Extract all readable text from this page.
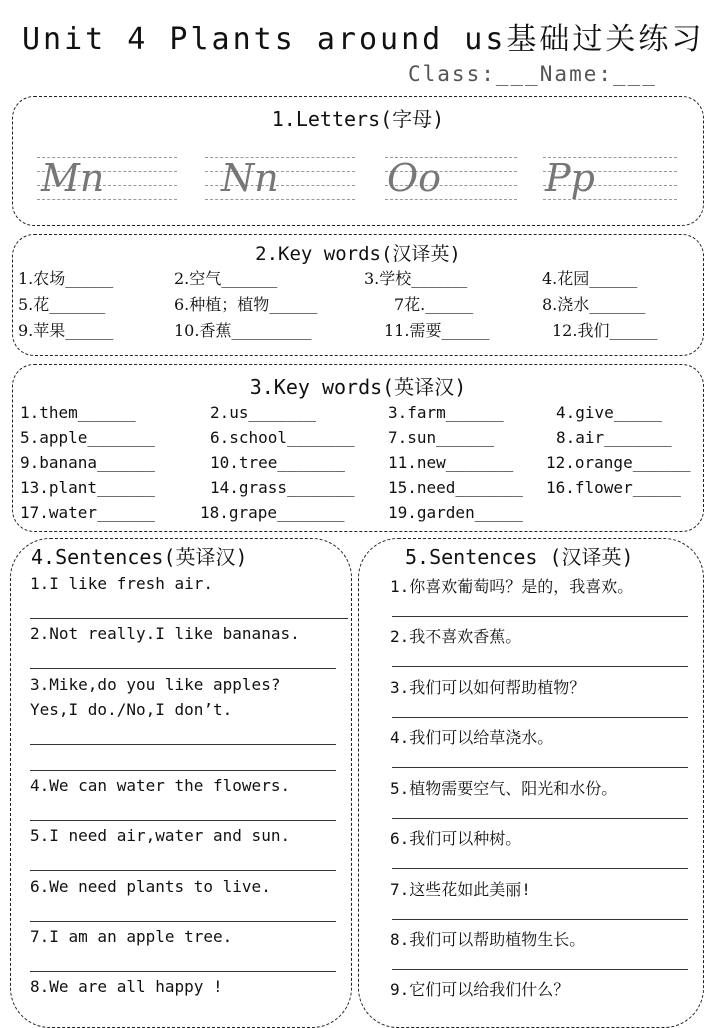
Unit 4 Plants around us基础过关练习
Class:___Name:___
1.Letters(字母)
Mn	Nn	Oo	Pp
2.Key words(汉译英)
1.农场______	2.空气_______	3.学校_______	4.花园______
5.花_______	6.种植；植物______	7花.______	8.浇水_______
9.苹果______	10.香蕉__________	11.需要______	12.我们______
3.Key words(英译汉)
1.them______	2.us_______	3.farm______	4.give_____
5.apple_______	6.school_______ 7.sun______	8.air_______
9.banana______	10.tree_______	11.new_______ 12.orange______
13.plant______	14.grass_______ 15.need_______ 16.flower_____
17.water______	18.grape_______	19.garden_____
4.Sentences(英译汉)
1.I like fresh air.
2.Not really.I like bananas.
3.Mike,do you like apples?
Yes,I do./No,I don’t.
4.We can water the flowers.
5.I need air,water and sun.
6.We need plants to live.
7.I am an apple tree.
8.We are all happy !
5.Sentences (汉译英)
1.你喜欢葡萄吗？是的，我喜欢。
2.我不喜欢香蕉。
3.我们可以如何帮助植物？
4.我们可以给草浇水。
5.植物需要空气、阳光和水份。
6.我们可以种树。
7.这些花如此美丽!
8.我们可以帮助植物生长。
9.它们可以给我们什么？
